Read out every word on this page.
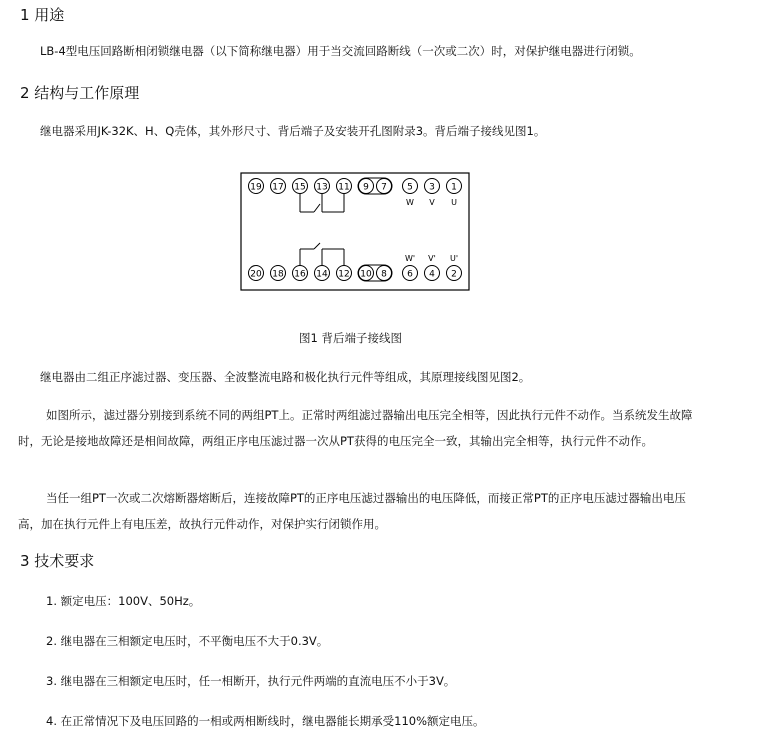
1 用途

LB-4型电压回路断相闭锁继电器（以下简称继电器）用于当交流回路断线（一次或二次）时，对保护继电器进行闭锁。

2 结构与工作原理

继电器采用JK-32K、H、Q壳体，其外形尺寸、背后端子及安装开孔图附录3。背后端子接线见图1。

19 17 15 13 11 9 7 5 3 1
20 18 16 14 12 10 8 6 4 2
W V U
W' V' U'
图1 背后端子接线图

继电器由二组正序滤过器、变压器、全波整流电路和极化执行元件等组成，其原理接线图见图2。

如图所示，滤过器分别接到系统不同的两组PT上。正常时两组滤过器输出电压完全相等，因此执行元件不动作。当系统发生故障时，无论是接地故障还是相间故障，两组正序电压滤过器一次从PT获得的电压完全一致，其输出完全相等，执行元件不动作。

当任一组PT一次或二次熔断器熔断后，连接故障PT的正序电压滤过器输出的电压降低，而接正常PT的正序电压滤过器输出电压高，加在执行元件上有电压差，故执行元件动作，对保护实行闭锁作用。

3 技术要求
1. 额定电压：100V、50Hz。
2. 继电器在三相额定电压时，不平衡电压不大于0.3V。
3. 继电器在三相额定电压时，任一相断开，执行元件两端的直流电压不小于3V。
4. 在正常情况下及电压回路的一相或两相断线时，继电器能长期承受110%额定电压。
